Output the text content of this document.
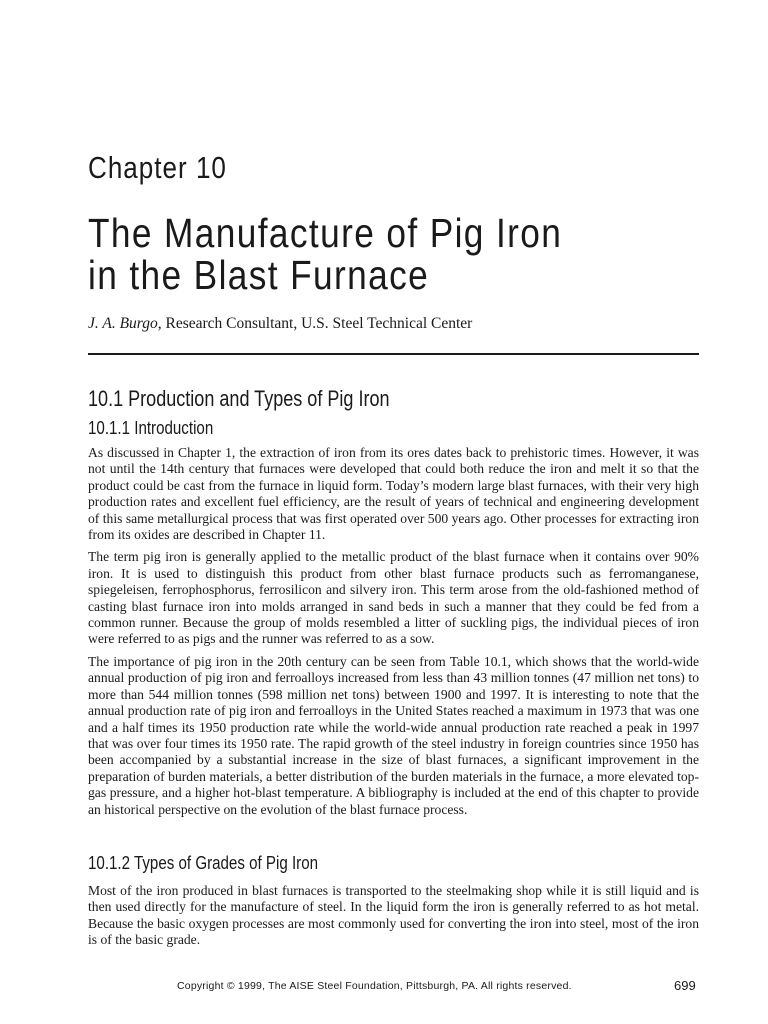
Chapter 10
The Manufacture of Pig Iron
in the Blast Furnace
J. A. Burgo, Research Consultant, U.S. Steel Technical Center
10.1 Production and Types of Pig Iron
10.1.1 Introduction

As discussed in Chapter 1, the extraction of iron from its ores dates back to prehistoric times. However, it was not until the 14th century that furnaces were developed that could both reduce the iron and melt it so that the product could be cast from the furnace in liquid form. Today’s modern large blast furnaces, with their very high production rates and excellent fuel efficiency, are the result of years of technical and engineering development of this same metallurgical process that was first operated over 500 years ago. Other processes for extracting iron from its oxides are described in Chapter 11.

The term pig iron is generally applied to the metallic product of the blast furnace when it contains over 90% iron. It is used to distinguish this product from other blast furnace products such as ferromanganese, spiegeleisen, ferrophosphorus, ferrosilicon and silvery iron. This term arose from the old-fashioned method of casting blast furnace iron into molds arranged in sand beds in such a manner that they could be fed from a common runner. Because the group of molds resembled a litter of suckling pigs, the individual pieces of iron were referred to as pigs and the runner was referred to as a sow.

The importance of pig iron in the 20th century can be seen from Table 10.1, which shows that the world-wide annual production of pig iron and ferroalloys increased from less than 43 million tonnes (47 million net tons) to more than 544 million tonnes (598 million net tons) between 1900 and 1997. It is interesting to note that the annual production rate of pig iron and ferroalloys in the United States reached a maximum in 1973 that was one and a half times its 1950 production rate while the world-wide annual production rate reached a peak in 1997 that was over four times its 1950 rate. The rapid growth of the steel industry in foreign countries since 1950 has been accompanied by a substantial increase in the size of blast furnaces, a significant improvement in the preparation of burden materials, a better distribution of the burden materials in the furnace, a more elevated top-gas pressure, and a higher hot-blast temperature. A bibliography is included at the end of this chapter to provide an historical perspective on the evolution of the blast furnace process.

10.1.2 Types of Grades of Pig Iron

Most of the iron produced in blast furnaces is transported to the steelmaking shop while it is still liquid and is then used directly for the manufacture of steel. In the liquid form the iron is generally referred to as hot metal. Because the basic oxygen processes are most commonly used for converting the iron into steel, most of the iron is of the basic grade.

Copyright © 1999, The AISE Steel Foundation, Pittsburgh, PA. All rights reserved.	699
